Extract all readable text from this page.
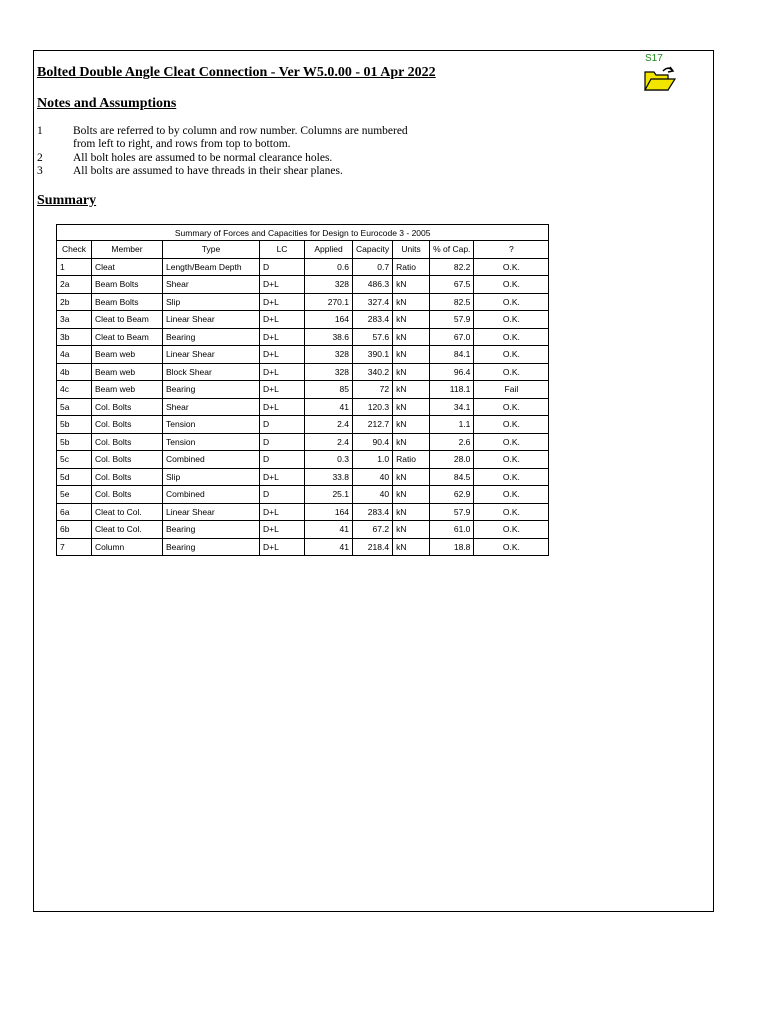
S17
Bolted Double Angle Cleat Connection - Ver W5.0.00 - 01 Apr 2022
Notes and Assumptions
1	Bolts are referred to by column and row number. Columns are numbered from left to right, and rows from top to bottom.
2	All bolt holes are assumed to be normal clearance holes.
3	All bolts are assumed to have threads in their shear planes.
Summary
Summary of Forces and Capacities for Design to Eurocode 3 - 2005								
Check	Member	Type	LC	Applied	Capacity	Units	% of Cap.	?
1	Cleat	Length/Beam Depth	D	0.6	0.7	Ratio	82.2	O.K.
2a	Beam Bolts	Shear	D+L	328	486.3	kN	67.5	O.K.
2b	Beam Bolts	Slip	D+L	270.1	327.4	kN	82.5	O.K.
3a	Cleat to Beam	Linear Shear	D+L	164	283.4	kN	57.9	O.K.
3b	Cleat to Beam	Bearing	D+L	38.6	57.6	kN	67.0	O.K.
4a	Beam web	Linear Shear	D+L	328	390.1	kN	84.1	O.K.
4b	Beam web	Block Shear	D+L	328	340.2	kN	96.4	O.K.
4c	Beam web	Bearing	D+L	85	72	kN	118.1	Fail
5a	Col. Bolts	Shear	D+L	41	120.3	kN	34.1	O.K.
5b	Col. Bolts	Tension	D	2.4	212.7	kN	1.1	O.K.
5b	Col. Bolts	Tension	D	2.4	90.4	kN	2.6	O.K.
5c	Col. Bolts	Combined	D	0.3	1.0	Ratio	28.0	O.K.
5d	Col. Bolts	Slip	D+L	33.8	40	kN	84.5	O.K.
5e	Col. Bolts	Combined	D	25.1	40	kN	62.9	O.K.
6a	Cleat to Col.	Linear Shear	D+L	164	283.4	kN	57.9	O.K.
6b	Cleat to Col.	Bearing	D+L	41	67.2	kN	61.0	O.K.
7	Column	Bearing	D+L	41	218.4	kN	18.8	O.K.
